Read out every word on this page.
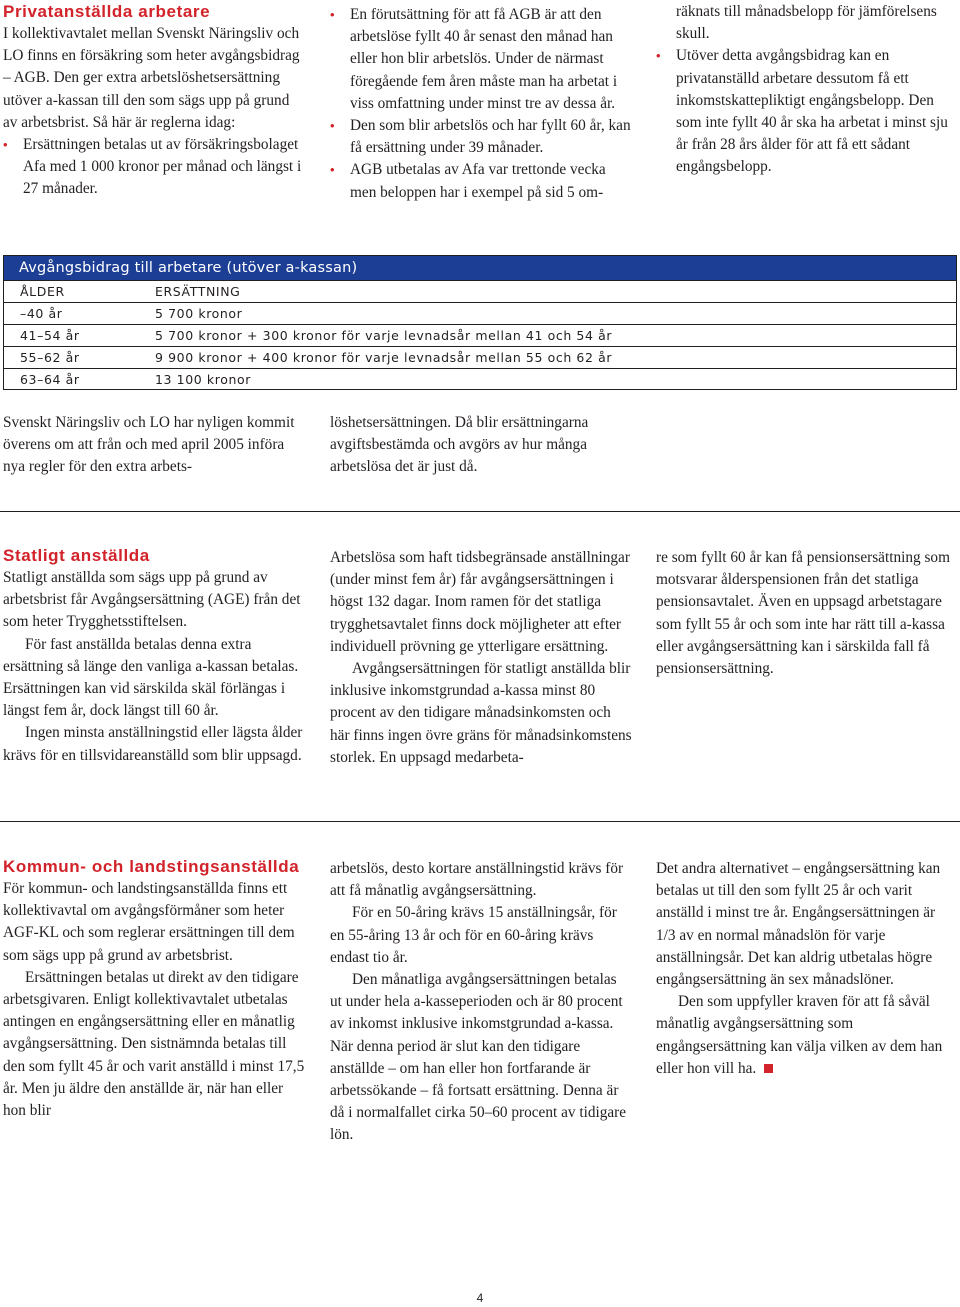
Privatanställda arbetare

I kollektivavtalet mellan Svenskt Näringsliv och LO finns en försäkring som heter avgångsbidrag – AGB. Den ger extra arbetslöshetsersättning utöver a-kassan till den som sägs upp på grund av arbetsbrist. Så här är reglerna idag:

• Ersättningen betalas ut av försäkringsbolaget Afa med 1 000 kronor per månad och längst i 27 månader.
• En förutsättning för att få AGB är att den arbetslöse fyllt 40 år senast den månad han eller hon blir arbetslös. Under de närmast föregående fem åren måste man ha arbetat i viss omfattning under minst tre av dessa år.
• Den som blir arbetslös och har fyllt 60 år, kan få ersättning under 39 månader.
• AGB utbetalas av Afa var trettonde vecka men beloppen har i exempel på sid 5 om-

räknats till månadsbelopp för jämförelsens skull.

• Utöver detta avgångsbidrag kan en privatanställd arbetare dessutom få ett inkomstskattepliktigt engångsbelopp. Den som inte fyllt 40 år ska ha arbetat i minst sju år från 28 års ålder för att få ett sådant engångsbelopp.
Avgångsbidrag till arbetare (utöver a-kassan)
ÅLDER	ERSÄTTNING
–40 år	5 700 kronor
41–54 år	5 700 kronor + 300 kronor för varje levnadsår mellan 41 och 54 år
55–62 år	9 900 kronor + 400 kronor för varje levnadsår mellan 55 och 62 år
63–64 år	13 100 kronor

Svenskt Näringsliv och LO har nyligen kommit överens om att från och med april 2005 införa nya regler för den extra arbets-

löshetsersättningen. Då blir ersättningarna avgiftsbestämda och avgörs av hur många arbetslösa det är just då.

Statligt anställda

Statligt anställda som sägs upp på grund av arbetsbrist får Avgångsersättning (AGE) från det som heter Trygghetsstiftelsen.

För fast anställda betalas denna extra ersättning så länge den vanliga a-kassan betalas. Ersättningen kan vid särskilda skäl förlängas i längst fem år, dock längst till 60 år.

Ingen minsta anställningstid eller lägsta ålder krävs för en tillsvidareanställd som blir uppsagd.

Arbetslösa som haft tidsbegränsade anställningar (under minst fem år) får avgångsersättningen i högst 132 dagar. Inom ramen för det statliga trygghetsavtalet finns dock möjligheter att efter individuell prövning ge ytterligare ersättning.

Avgångsersättningen för statligt anställda blir inklusive inkomstgrundad a-kassa minst 80 procent av den tidigare månadsinkomsten och här finns ingen övre gräns för månadsinkomstens storlek. En uppsagd medarbeta-

re som fyllt 60 år kan få pensionsersättning som motsvarar ålderspensionen från det statliga pensionsavtalet. Även en uppsagd arbetstagare som fyllt 55 år och som inte har rätt till a-kassa eller avgångsersättning kan i särskilda fall få pensionsersättning.

Kommun- och landstingsanställda

För kommun- och landstingsanställda finns ett kollektivavtal om avgångsförmåner som heter AGF-KL och som reglerar ersättningen till dem som sägs upp på grund av arbetsbrist.

Ersättningen betalas ut direkt av den tidigare arbetsgivaren. Enligt kollektivavtalet utbetalas antingen en engångsersättning eller en månatlig avgångsersättning. Den sistnämnda betalas till den som fyllt 45 år och varit anställd i minst 17,5 år. Men ju äldre den anställde är, när han eller hon blir

arbetslös, desto kortare anställningstid krävs för att få månatlig avgångsersättning.

För en 50-åring krävs 15 anställningsår, för en 55-åring 13 år och för en 60-åring krävs endast tio år.

Den månatliga avgångsersättningen betalas ut under hela a-kasseperioden och är 80 procent av inkomst inklusive inkomstgrundad a-kassa. När denna period är slut kan den tidigare anställde – om han eller hon fortfarande är arbetssökande – få fortsatt ersättning. Denna är då i normalfallet cirka 50–60 procent av tidigare lön.

Det andra alternativet – engångsersättning kan betalas ut till den som fyllt 25 år och varit anställd i minst tre år. Engångsersättningen är 1/3 av en normal månadslön för varje anställningsår. Det kan aldrig utbetalas högre engångsersättning än sex månadslöner.

Den som uppfyller kraven för att få såväl månatlig avgångsersättning som engångsersättning kan välja vilken av dem han eller hon vill ha.

4
